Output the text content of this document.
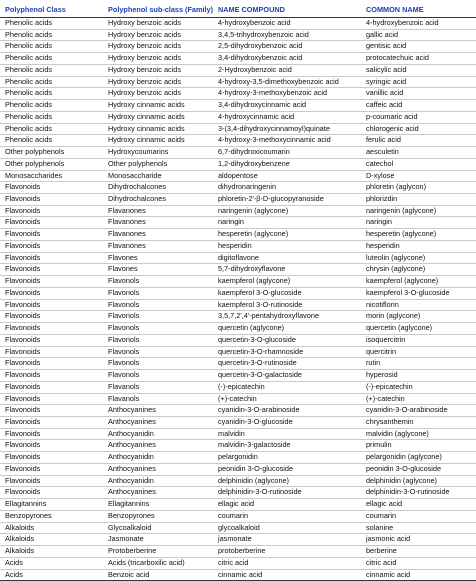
Polyphenol Class	Polyphenol sub-class (Family)	NAME COMPOUND	COMMON NAME
Phenolic acids	Hydroxy benzoic acids	4-hydroxybenzoic acid	4-hydroxybenzoic acid
Phenolic acids	Hydroxy benzoic acids	3,4,5-trihydroxybenzoic acid	gallic acid
Phenolic acids	Hydroxy benzoic acids	2,5-dihydroxybenzoic acid	gentisic acid
Phenolic acids	Hydroxy benzoic acids	3,4-dihydroxybenzoic acid	protocatechuic acid
Phenolic acids	Hydroxy benzoic acids	2-Hydroxybenzoic acid	salicylic acid
Phenolic acids	Hydroxy benzoic acids	4-hydroxy-3,5-dimethoxybenzoic acid	syringic acid
Phenolic acids	Hydroxy benzoic acids	4-hydroxy-3-methoxybenzoic acid	vanillic acid
Phenolic acids	Hydroxy cinnamic acids	3,4-dihydroxycinnamic acid	caffeic acid
Phenolic acids	Hydroxy cinnamic acids	4-hydroxycinnamic acid	p-coumaric acid
Phenolic acids	Hydroxy cinnamic acids	3-(3,4-dihydroxycinnamoyl)quinate	chlorogenic acid
Phenolic acids	Hydroxy cinnamic acids	4-hydroxy-3-methoxycinnamic acid	ferulic acid
Other polyphenols	Hydroxycoumarins	6,7-dihydroxicoumarin	aesculetin
Other polyphenols	Other polyphenols	1,2-dihydroxybenzene	catechol
Monosaccharides	Monosaccharide	aldopentose	D-xylose
Flavonoids	Dihydrochalcones	dihydronaringenin	phloretin (aglycon)
Flavonoids	Dihydrochalcones	phloretin-2'-β-D-glucopyranoside	phlorizdin
Flavonoids	Flavanones	naringenin (aglycone)	naringenin (aglycone)
Flavonoids	Flavanones	naringin	naringin
Flavonoids	Flavanones	hesperetin (aglycone)	hesperetin (aglycone)
Flavonoids	Flavanones	hesperidin	hesperidin
Flavonoids	Flavones	digitoflavone	luteolin (aglycone)
Flavonoids	Flavones	5,7-dihydroxyflavone	chrysin (aglycone)
Flavonoids	Flavonols	kaempferol (aglycone)	kaempferol (aglycone)
Flavonoids	Flavonols	kaempferol 3-O-glucoside	kaempferol 3-O-glucoside
Flavonoids	Flavonols	kaempferol 3-O-rutinoside	nicotiflorin
Flavonoids	Flavonols	3,5,7,2',4'-pentahydroxyflavone	morin (aglycone)
Flavonoids	Flavonols	quercetin (aglycone)	quercetin (aglycone)
Flavonoids	Flavonols	quercetin-3-O-glucoside	isoquercitrin
Flavonoids	Flavonols	quercetin-3-O-rhamnoside	quercitrin
Flavonoids	Flavonols	quercetin-3-O-rutinoside	rutin
Flavonoids	Flavonols	quercetin-3-O-galactoside	hyperosid
Flavonoids	Flavanols	(-)-epicatechin	(-)-epicatechin
Flavonoids	Flavanols	(+)-catechin	(+)-catechin
Flavonoids	Anthocyanines	cyanidin-3-O-arabinoside	cyanidin-3-O-arabinoside
Flavonoids	Anthocyanines	cyanidin-3-O-glucoside	chrysanthemin
Flavonoids	Anthocyanidin	malvidin	malvidin (aglycone)
Flavonoids	Anthocyanines	malvidin-3-galactoside	primulin
Flavonoids	Anthocyanidin	pelargonidin	pelargonidin (aglycone)
Flavonoids	Anthocyanines	peonidin 3-O-glucoside	peonidin 3-O-glucoside
Flavonoids	Anthocyanidin	delphinidin (aglycone)	delphinidin (aglycone)
Flavonoids	Anthocyanines	delphinidin-3-O-rutinoside	delphinidin-3-O-rutinoside
Ellagitannins	Ellagitannins	ellagic acid	ellagic acid
Benzopyrones	Benzopyrones	coumarin	coumarin
Alkaloids	Glycoalkaloid	glycoalkaloid	solanine
Alkaloids	Jasmonate	jasmonate	jasmonic acid
Alkaloids	Protoberberine	protoberberine	berberine
Acids	Acids (tricarboxilic acid)	citric acid	citric acid
Acids	Benzoic acid	cinnamic acid	cinnamic acid
